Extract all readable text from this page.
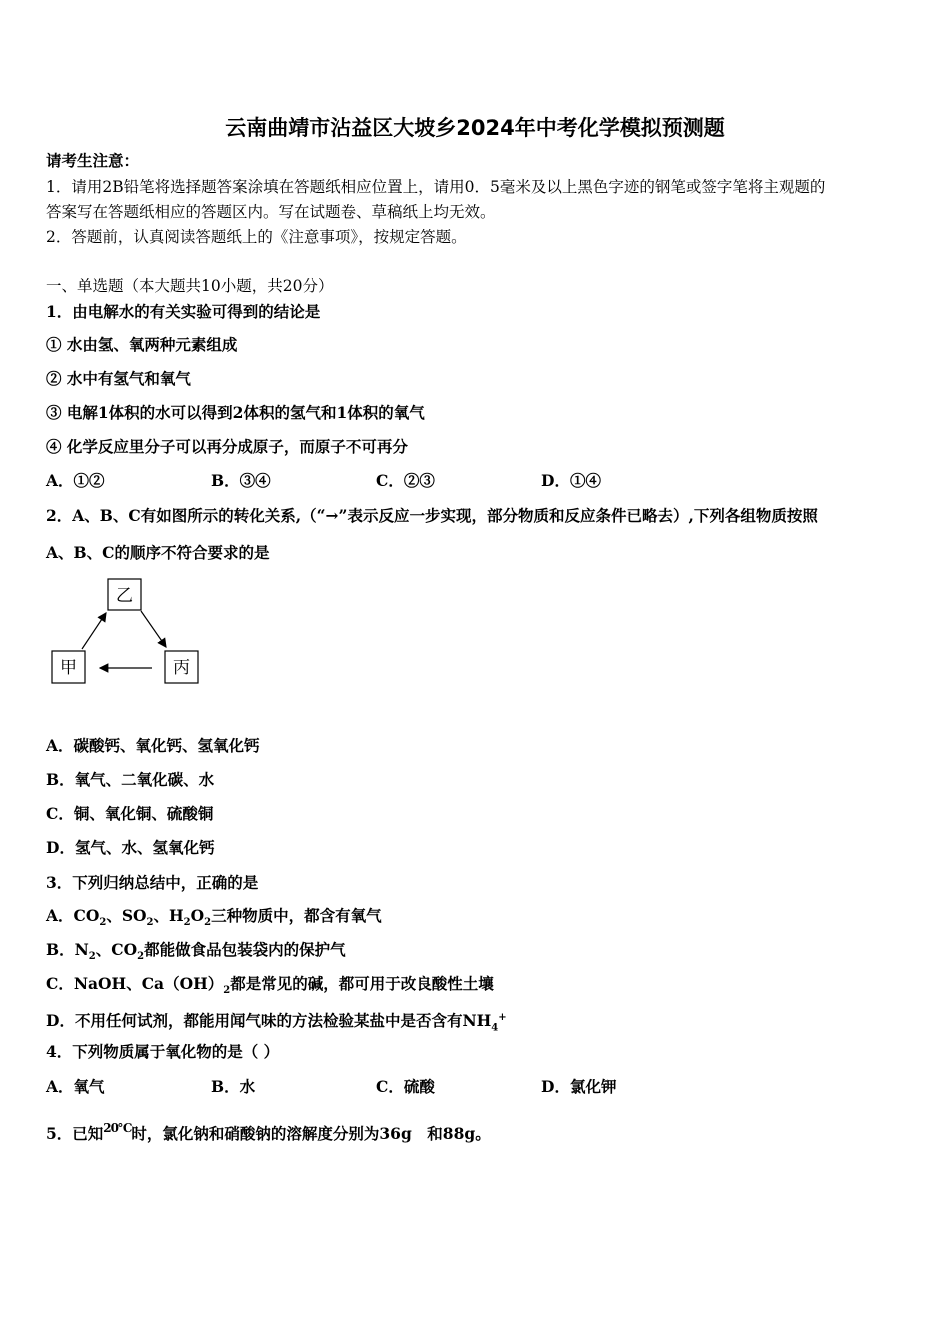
云南曲靖市沾益区大坡乡2024年中考化学模拟预测题
请考生注意：
1．请用2B铅笔将选择题答案涂填在答题纸相应位置上，请用0．5毫米及以上黑色字迹的钢笔或签字笔将主观题的
答案写在答题纸相应的答题区内。写在试题卷、草稿纸上均无效。
2．答题前，认真阅读答题纸上的《注意事项》，按规定答题。
一、单选题（本大题共10小题，共20分）
1．由电解水的有关实验可得到的结论是
① 水由氢、氧两种元素组成
② 水中有氢气和氧气
③ 电解1体积的水可以得到2体积的氢气和1体积的氧气
④ 化学反应里分子可以再分成原子，而原子不可再分
A．①②	B．③④	C．②③	D．①④
2．A、B、C有如图所示的转化关系,（“→”表示反应一步实现，部分物质和反应条件已略去）,下列各组物质按照
A、B、C的顺序不符合要求的是
乙
甲	丙
A．碳酸钙、氧化钙、氢氧化钙
B．氧气、二氧化碳、水
C．铜、氧化铜、硫酸铜
D．氢气、水、氢氧化钙
3．下列归纳总结中，正确的是
A．$CO_2$、$SO_2$、$H_2O_2$三种物质中，都含有氧气
B．$N_2$、$CO_2$都能做食品包装袋内的保护气
C．NaOH、$Ca(OH)_2$都是常见的碱，都可用于改良酸性土壤
D．不用任何试剂，都能用闻气味的方法检验某盐中是否含有$NH_4^+$
4．下列物质属于氧化物的是（ ）
A．氧气	B．水	C．硫酸	D．氯化钾
5．已知$^{20℃}$时，氯化钠和硝酸钠的溶解度分别为36g　和88g。
